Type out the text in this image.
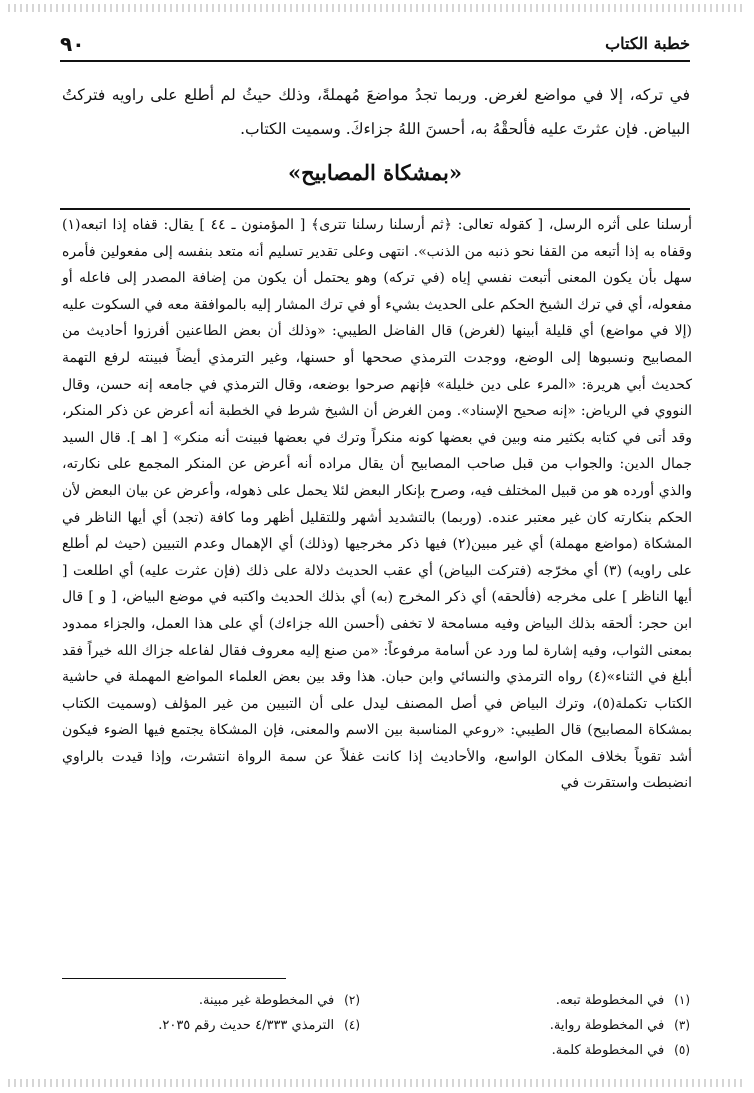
خطبة الكتاب
٩٠
في تركه، إلا في مواضع لغرض. وربما تجدُ مواضعَ مُهملةً، وذلك حيثُ لم أطلع على راويه فتركتُ البياض. فإن عثرتَ عليه فألحقْهُ به، أحسنَ اللهُ جزاءكَ. وسميت الكتاب.
«بمشكاة المصابيح»

أرسلنا على أثره الرسل، [ كقوله تعالى: ﴿ثم أرسلنا رسلنا تترى﴾ [ المؤمنون ـ ٤٤ ] يقال: قفاه إذا اتبعه(١) وقفاه به إذا أتبعه من القفا نحو ذنبه من الذنب». انتهى وعلى تقدير تسليم أنه متعد بنفسه إلى مفعولين فأمره سهل بأن يكون المعنى أتبعت نفسي إياه (في تركه) وهو يحتمل أن يكون من إضافة المصدر إلى فاعله أو مفعوله، أي في ترك الشيخ الحكم على الحديث بشيء أو في ترك المشار إليه بالموافقة معه في السكوت عليه (إلا في مواضع) أي قليلة أبينها (لغرض) قال الفاضل الطيبي: «وذلك أن بعض الطاعنين أفرزوا أحاديث من المصابيح ونسبوها إلى الوضع، ووجدت الترمذي صححها أو حسنها، وغير الترمذي أيضاً فبينته لرفع التهمة كحديث أبي هريرة: «المرء على دين خليلة» فإنهم صرحوا بوضعه، وقال الترمذي في جامعه إنه حسن، وقال النووي في الرياض: «إنه صحيح الإسناد». ومن الغرض أن الشيخ شرط في الخطبة أنه أعرض عن ذكر المنكر، وقد أتى في كتابه بكثير منه وبين في بعضها كونه منكراً وترك في بعضها فبينت أنه منكر» [ اهـ ]. قال السيد جمال الدين: والجواب من قبل صاحب المصابيح أن يقال مراده أنه أعرض عن المنكر المجمع على نكارته، والذي أورده هو من قبيل المختلف فيه، وصرح بإنكار البعض لئلا يحمل على ذهوله، وأعرض عن بيان البعض لأن الحكم بنكارته كان غير معتبر عنده. (وربما) بالتشديد أشهر وللتقليل أظهر وما كافة (تجد) أي أيها الناظر في المشكاة (مواضع مهملة) أي غير مبين(٢) فيها ذكر مخرجيها (وذلك) أي الإهمال وعدم التبيين (حيث لم أطلع على راويه) (٣) أي مخرّجه (فتركت البياض) أي عقب الحديث دلالة على ذلك (فإن عثرت عليه) أي اطلعت [ أيها الناظر ] على مخرجه (فألحقه) أي ذكر المخرج (به) أي بذلك الحديث واكتبه في موضع البياض، [ و ] قال ابن حجر: ألحقه بذلك البياض وفيه مسامحة لا تخفى (أحسن الله جزاءك) أي على هذا العمل، والجزاء ممدود بمعنى الثواب، وفيه إشارة لما ورد عن أسامة مرفوعاً: «من صنع إليه معروف فقال لفاعله جزاك الله خيراً فقد أبلغ في الثناء»(٤) رواه الترمذي والنسائي وابن حبان. هذا وقد بين بعض العلماء المواضع المهملة في حاشية الكتاب تكملة(٥)، وترك البياض في أصل المصنف ليدل على أن التبيين من غير المؤلف (وسميت الكتاب بمشكاة المصابيح) قال الطيبي: «روعي المناسبة بين الاسم والمعنى، فإن المشكاة يجتمع فيها الضوء فيكون أشد تقوياً بخلاف المكان الواسع، والأحاديث إذا كانت غفلاً عن سمة الرواة انتشرت، وإذا قيدت بالراوي انضبطت واستقرت في

(١)في المخطوطة تبعه.
(٣)في المخطوطة رواية.
(٥)في المخطوطة كلمة.
(٢)في المخطوطة غير مبينة.
(٤)الترمذي ٤/٣٣٣ حديث رقم ٢٠٣٥.
